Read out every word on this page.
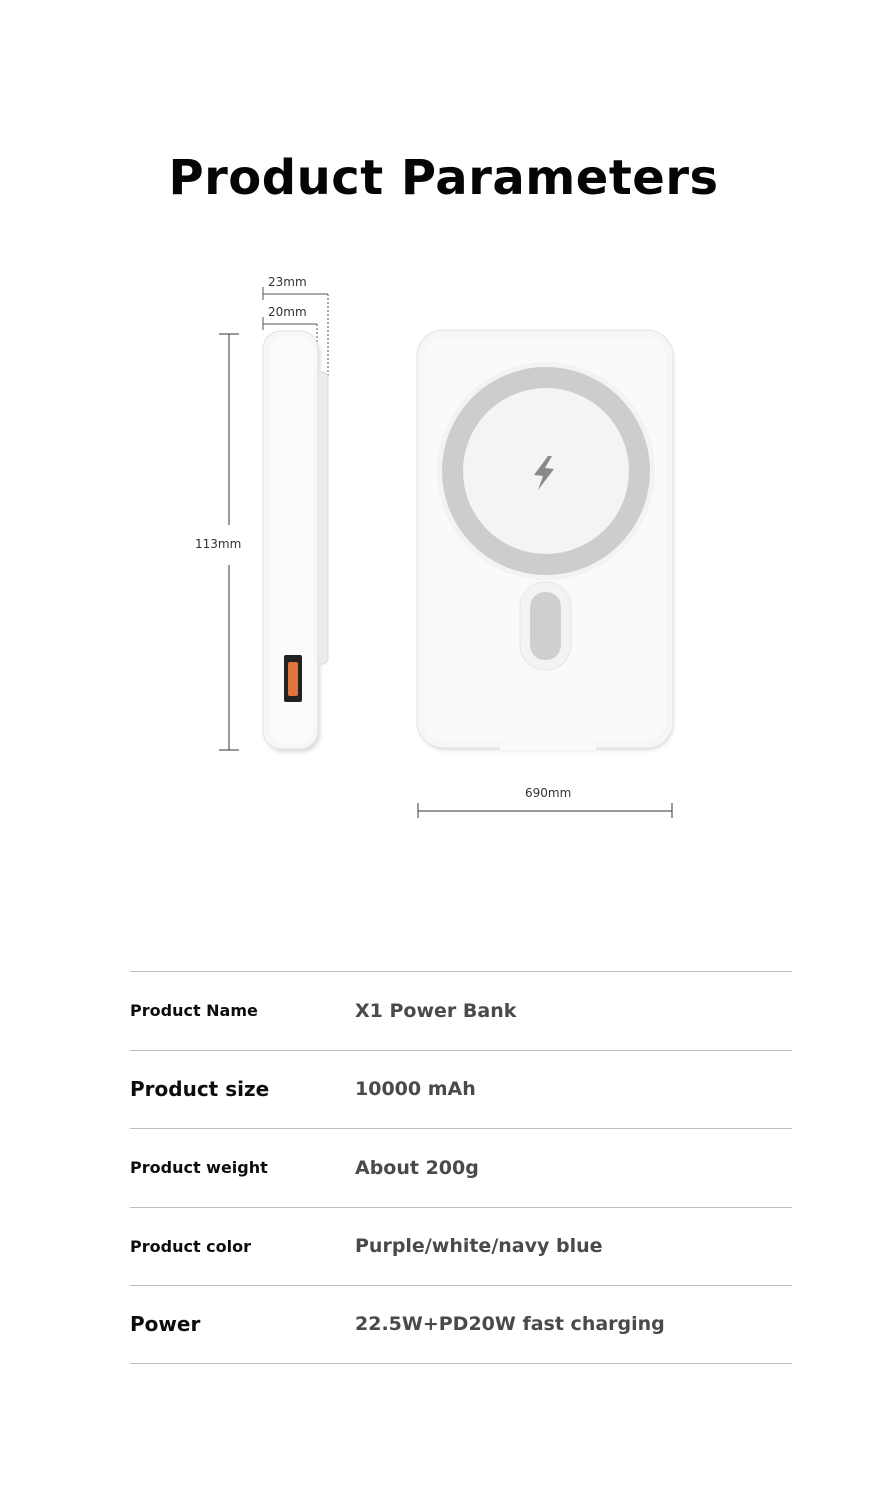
Product Parameters
23mm
20mm
113mm
690mm
Product Name	X1 Power Bank
Product size	10000 mAh
Product weight	About 200g
Product color	Purple/white/navy blue
Power	22.5W+PD20W fast charging
